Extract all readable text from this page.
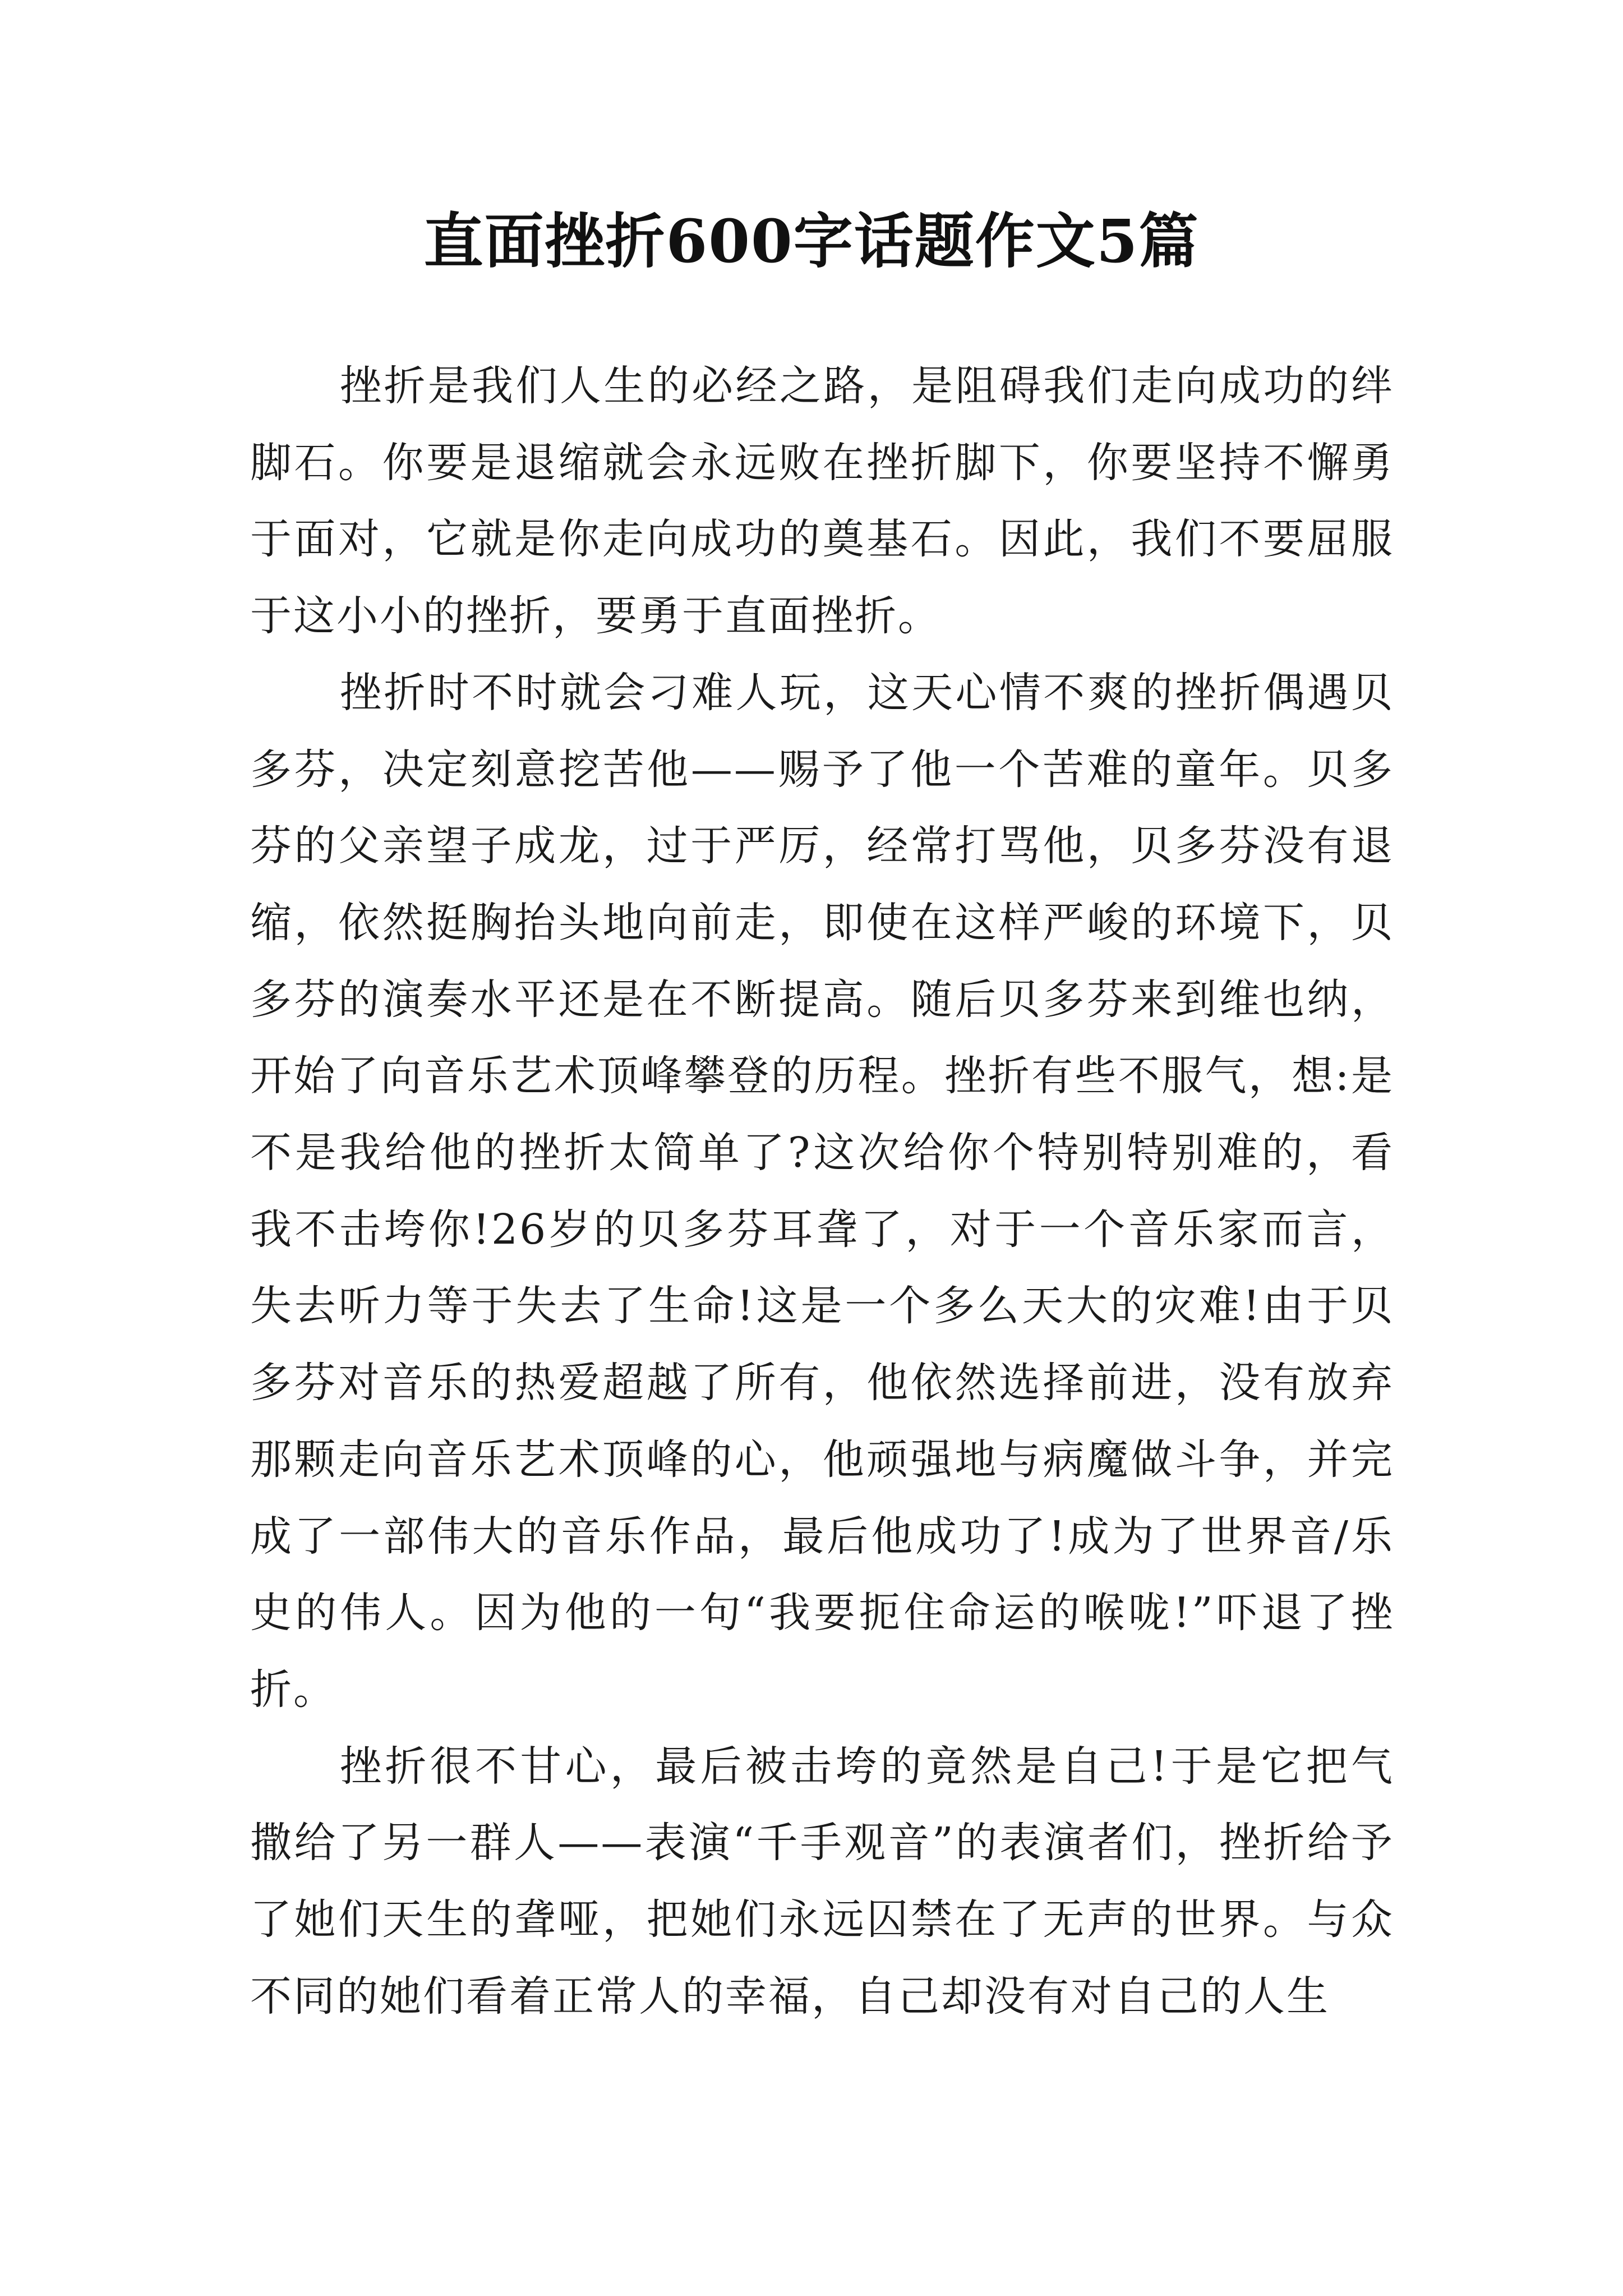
直面挫折600字话题作文5篇

挫折是我们人生的必经之路，是阻碍我们走向成功的绊脚石。你要是退缩就会永远败在挫折脚下，你要坚持不懈勇于面对，它就是你走向成功的奠基石。因此，我们不要屈服于这小小的挫折，要勇于直面挫折。

挫折时不时就会刁难人玩，这天心情不爽的挫折偶遇贝多芬，决定刻意挖苦他——赐予了他一个苦难的童年。贝多芬的父亲望子成龙，过于严厉，经常打骂他，贝多芬没有退缩，依然挺胸抬头地向前走，即使在这样严峻的环境下，贝多芬的演奏水平还是在不断提高。随后贝多芬来到维也纳，开始了向音乐艺术顶峰攀登的历程。挫折有些不服气，想:是不是我给他的挫折太简单了?这次给你个特别特别难的，看我不击垮你!26岁的贝多芬耳聋了，对于一个音乐家而言，失去听力等于失去了生命!这是一个多么天大的灾难!由于贝多芬对音乐的热爱超越了所有，他依然选择前进，没有放弃那颗走向音乐艺术顶峰的心，他顽强地与病魔做斗争，并完成了一部伟大的音乐作品，最后他成功了!成为了世界音/乐史的伟人。因为他的一句“我要扼住命运的喉咙!”吓退了挫折。

挫折很不甘心，最后被击垮的竟然是自己!于是它把气撒给了另一群人——表演“千手观音”的表演者们，挫折给予了她们天生的聋哑，把她们永远囚禁在了无声的世界。与众不同的她们看着正常人的幸福，自己却没有对自己的人生
